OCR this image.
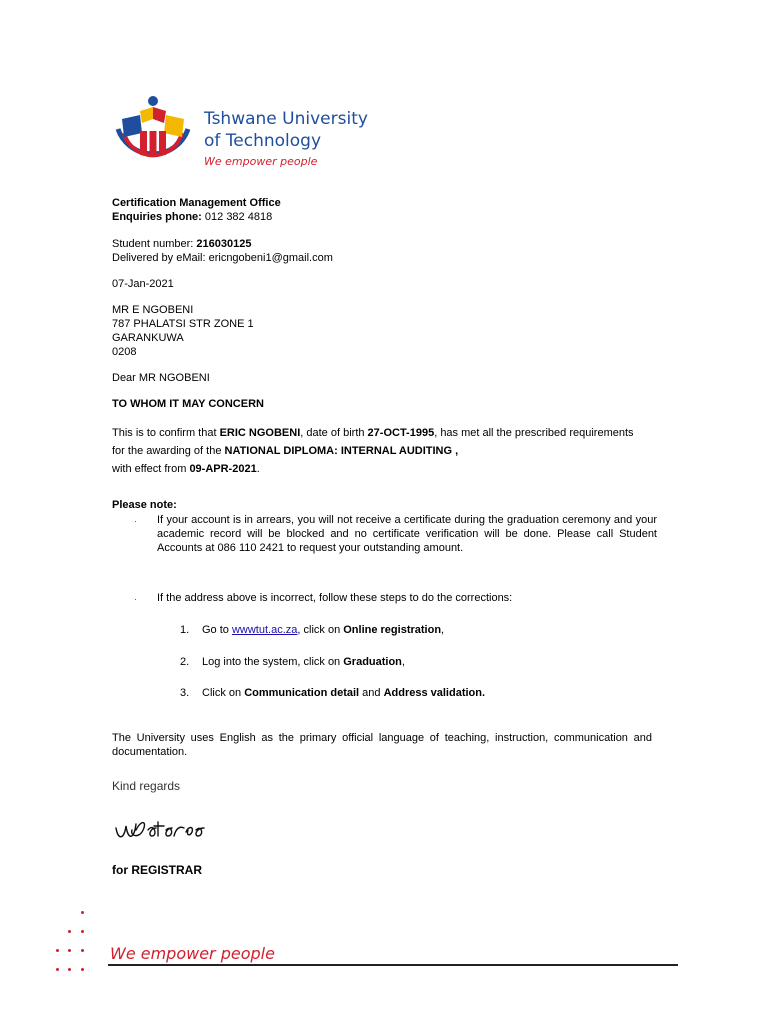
Tshwane University
of Technology
We empower people
Certification Management Office
Enquiries phone: 012 382 4818
Student number: 216030125
Delivered by eMail: ericngobeni1@gmail.com
07-Jan-2021
MR E NGOBENI
787 PHALATSI STR ZONE 1
GARANKUWA
0208
Dear MR NGOBENI
TO WHOM IT MAY CONCERN
This is to confirm that ERIC NGOBENI, date of birth 27-OCT-1995, has met all the prescribed requirements
for the awarding of the NATIONAL DIPLOMA: INTERNAL AUDITING ,
with effect from 09-APR-2021.
Please note:
· If your account is in arrears, you will not receive a certificate during the graduation ceremony and your academic record will be blocked and no certificate verification will be done. Please call Student Accounts at 086 110 2421 to request your outstanding amount.
· If the address above is incorrect, follow these steps to do the corrections:
1. Go to wwwtut.ac.za, click on Online registration,
2. Log into the system, click on Graduation,
3. Click on Communication detail and Address validation.
The University uses English as the primary official language of teaching, instruction, communication and documentation.
Kind regards
for REGISTRAR
We empower people
